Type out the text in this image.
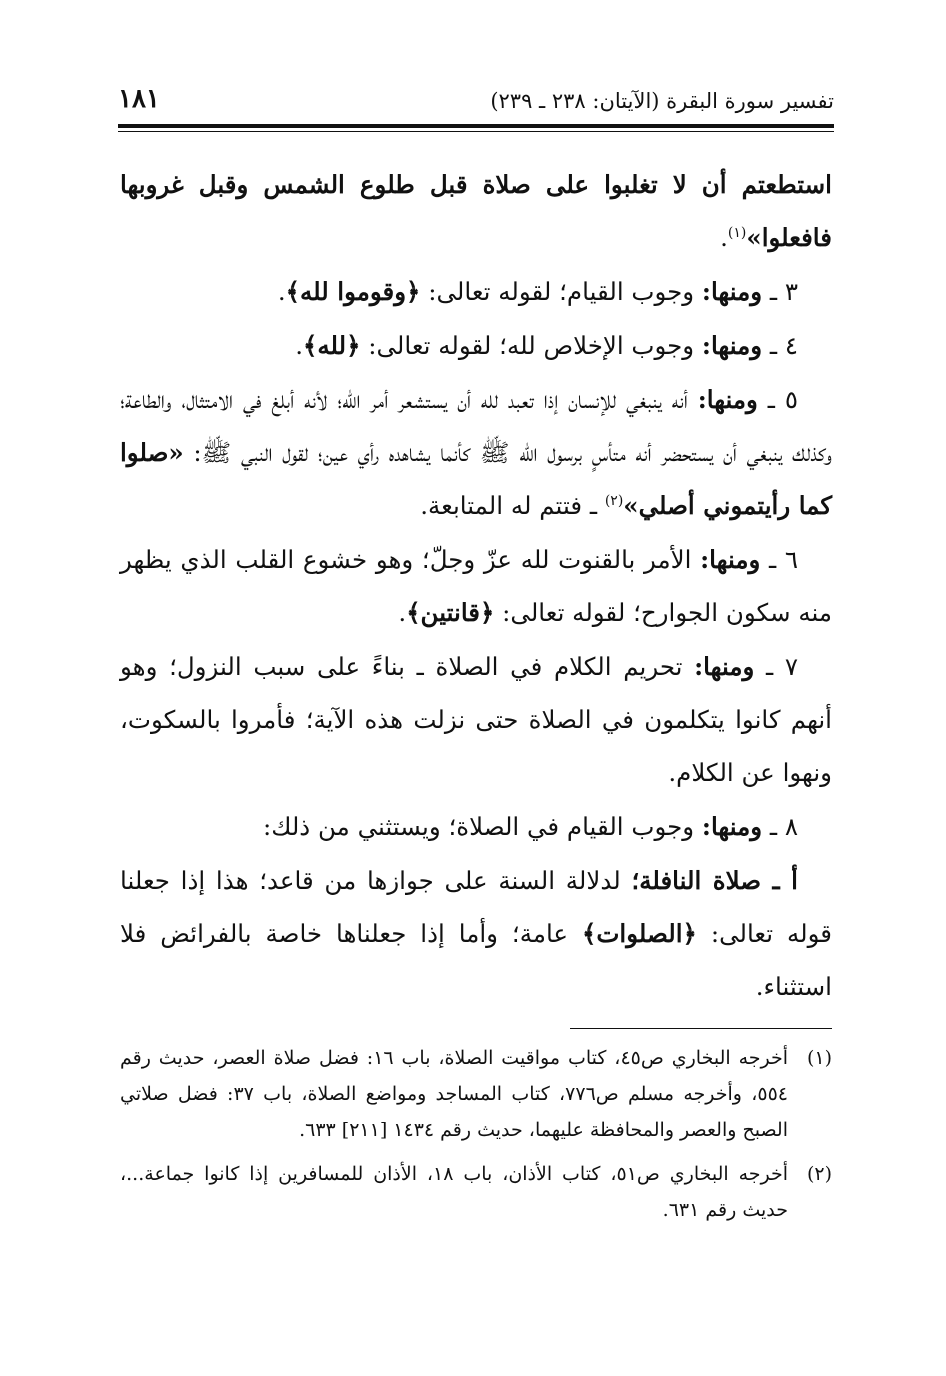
تفسير سورة البقرة (الآيتان: ٢٣٨ ـ ٢٣٩)
١٨١

استطعتم أن لا تغلبوا على صلاة قبل طلوع الشمس وقبل غروبها فافعلوا»$^{(١)}$.

٣ ـ ومنها: وجوب القيام؛ لقوله تعالى: ﴿وقوموا لله﴾.

٤ ـ ومنها: وجوب الإخلاص لله؛ لقوله تعالى: ﴿لله﴾.

٥ ـ ومنها: أنه ينبغي للإنسان إذا تعبد لله أن يستشعر أمر الله؛ لأنه أبلغ في الامتثال، والطاعة؛ وكذلك ينبغي أن يستحضر أنه متأسٍ برسول الله ﷺ كأنما يشاهده رأي عين؛ لقول النبي ﷺ: «صلوا كما رأيتموني أصلي»$^{(٢)}$ ـ فتتم له المتابعة.

٦ ـ ومنها: الأمر بالقنوت لله عزّ وجلّ؛ وهو خشوع القلب الذي يظهر منه سكون الجوارح؛ لقوله تعالى: ﴿قانتين﴾.

٧ ـ ومنها: تحريم الكلام في الصلاة ـ بناءً على سبب النزول؛ وهو أنهم كانوا يتكلمون في الصلاة حتى نزلت هذه الآية؛ فأمروا بالسكوت، ونهوا عن الكلام.

٨ ـ ومنها: وجوب القيام في الصلاة؛ ويستثني من ذلك:

أ ـ صلاة النافلة؛ لدلالة السنة على جوازها من قاعد؛ هذا إذا جعلنا قوله تعالى: ﴿الصلوات﴾ عامة؛ وأما إذا جعلناها خاصة بالفرائض فلا استثناء.

(١)
أخرجه البخاري ص٤٥، كتاب مواقيت الصلاة، باب ١٦: فضل صلاة العصر، حديث رقم ٥٥٤، وأخرجه مسلم ص٧٧٦، كتاب المساجد ومواضع الصلاة، باب ٣٧: فضل صلاتي الصبح والعصر والمحافظة عليهما، حديث رقم ١٤٣٤ [٢١١] ٦٣٣.
(٢)
أخرجه البخاري ص٥١، كتاب الأذان، باب ١٨، الأذان للمسافرين إذا كانوا جماعة...، حديث رقم ٦٣١.
